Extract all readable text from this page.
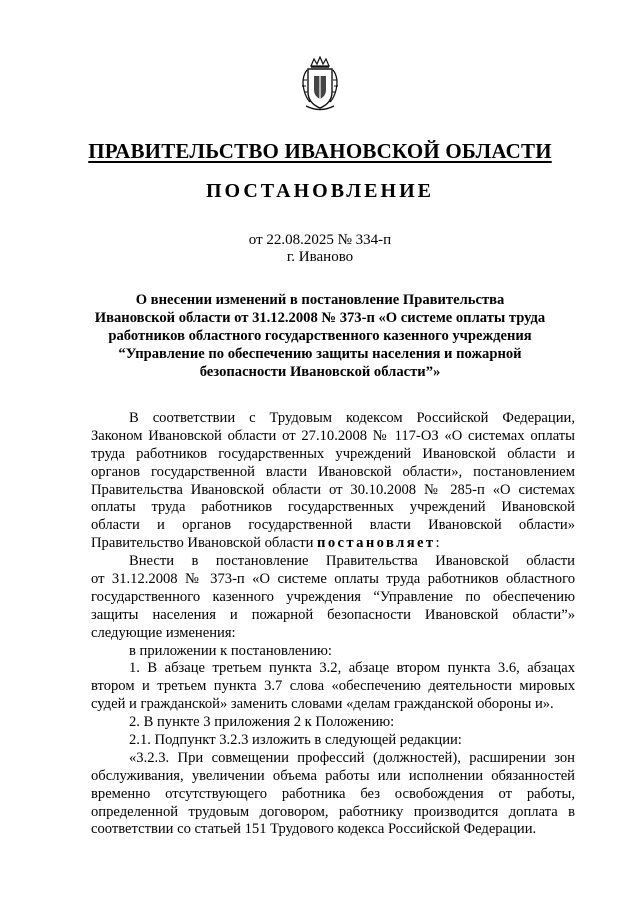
ПРАВИТЕЛЬСТВО ИВАНОВСКОЙ ОБЛАСТИ
ПОСТАНОВЛЕНИЕ
от 22.08.2025 № 334-п
г. Иваново
О внесении изменений в постановление Правительства
Ивановской области от 31.12.2008 № 373-п «О системе оплаты труда
работников областного государственного казенного учреждения
“Управление по обеспечению защиты населения и пожарной
безопасности Ивановской области”»
В соответствии с Трудовым кодексом Российской Федерации,
Законом Ивановской области от 27.10.2008 № 117-ОЗ «О системах оплаты
труда работников государственных учреждений Ивановской области и
органов государственной власти Ивановской области», постановлением
Правительства Ивановской области от 30.10.2008 № 285-п «О системах
оплаты труда работников государственных учреждений Ивановской
области и органов государственной власти Ивановской области»
Правительство Ивановской области постановляет:
Внести в постановление Правительства Ивановской области
от 31.12.2008 № 373-п «О системе оплаты труда работников областного
государственного казенного учреждения “Управление по обеспечению
защиты населения и пожарной безопасности Ивановской области”»
следующие изменения:
в приложении к постановлению:
1. В абзаце третьем пункта 3.2, абзаце втором пункта 3.6, абзацах
втором и третьем пункта 3.7 слова «обеспечению деятельности мировых
судей и гражданской» заменить словами «делам гражданской обороны и».
2. В пункте 3 приложения 2 к Положению:
2.1. Подпункт 3.2.3 изложить в следующей редакции:
«3.2.3. При совмещении профессий (должностей), расширении зон
обслуживания, увеличении объема работы или исполнении обязанностей
временно отсутствующего работника без освобождения от работы,
определенной трудовым договором, работнику производится доплата в
соответствии со статьей 151 Трудового кодекса Российской Федерации.
